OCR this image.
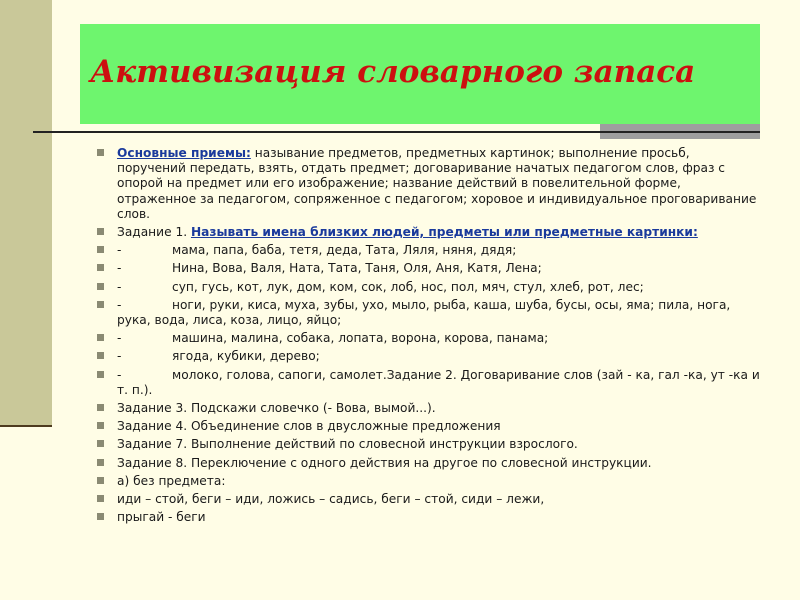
Активизация словарного запаса
Основные приемы: называние предметов, предметных картинок; выполнение просьб, поручений передать, взять, отдать предмет; договаривание начатых педагогом слов, фраз с опорой на предмет или его изображение; название действий в повелительной форме, отраженное за педагогом, сопряженное с педагогом; хоровое и индивидуальное проговаривание слов.
Задание 1. Называть имена близких людей, предметы или предметные картинки:
-	мама, папа, баба, тетя, деда, Тата, Ляля, няня, дядя;
-	Нина, Вова, Валя, Ната, Тата, Таня, Оля, Аня, Катя, Лена;
-	суп, гусь, кот, лук, дом, ком, сок, лоб, нос, пол, мяч, стул, хлеб, рот, лес;
-	ноги, руки, киса, муха, зубы, ухо, мыло, рыба, каша, шуба, бусы, осы, яма; пила, нога, рука, вода, лиса, коза, лицо, яйцо;
-	машина, малина, собака, лопата, ворона, корова, панама;
-	ягода, кубики, дерево;
-	молоко, голова, сапоги, самолет.Задание 2. Договаривание слов (зай - ка, гал -ка, ут -ка и т. п.).
Задание 3. Подскажи словечко (- Вова, вымой...).
Задание 4. Объединение слов в двусложные предложения
Задание 7. Выполнение действий по словесной инструкции взрослого.
Задание 8. Переключение с одного действия на другое по словесной инструкции.
а) без предмета:
иди – стой, беги – иди, ложись – садись, беги – стой, сиди – лежи,
прыгай - беги
